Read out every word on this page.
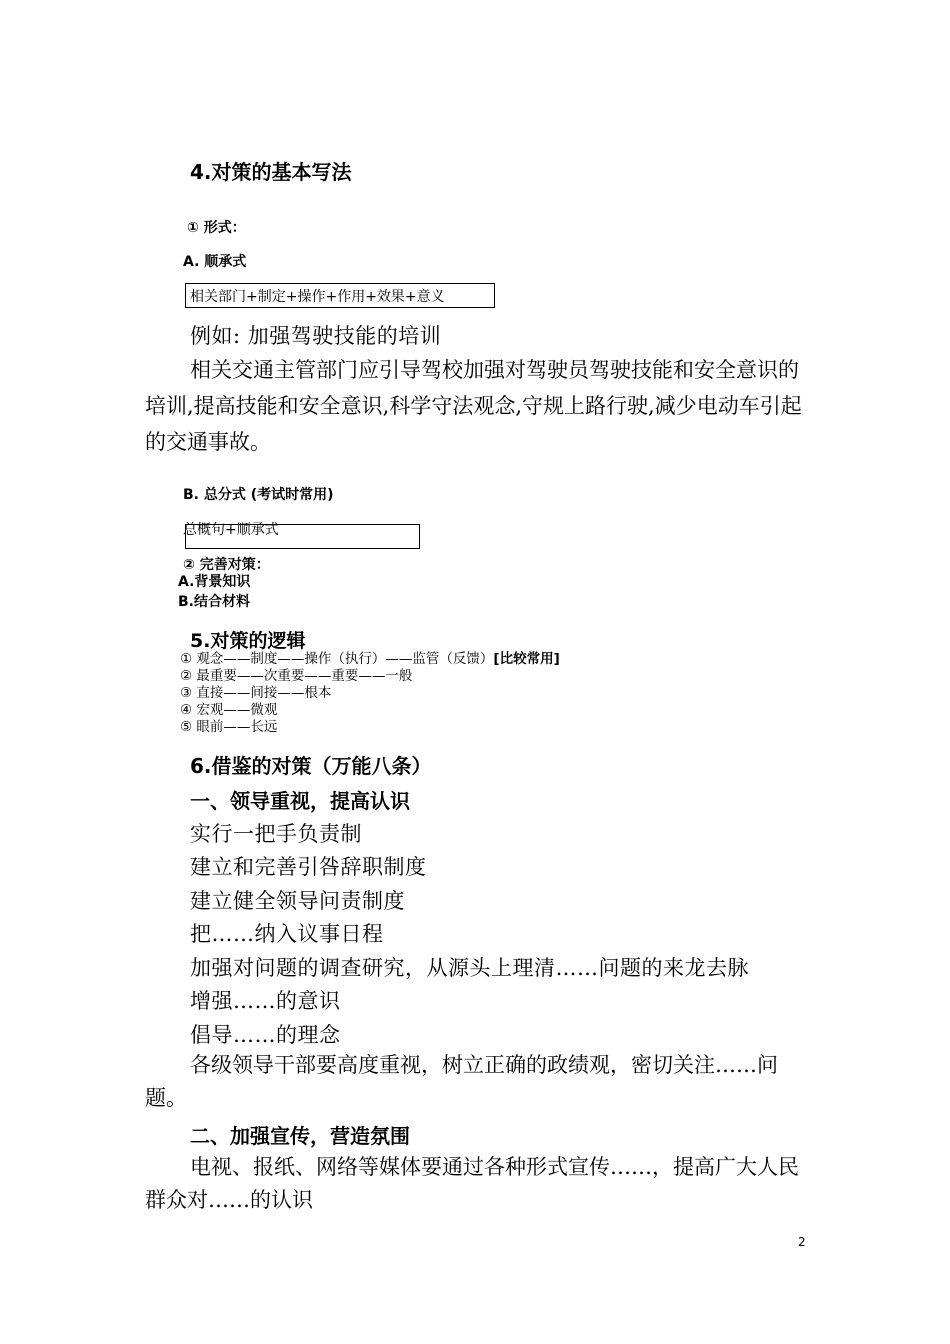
4.对策的基本写法
① 形式：
A. 顺承式
相关部门+制定+操作+作用+效果+意义
例如: 加强驾驶技能的培训
相关交通主管部门应引导驾校加强对驾驶员驾驶技能和安全意识的培训,提高技能和安全意识,科学守法观念,守规上路行驶,减少电动车引起的交通事故。
B. 总分式 (考试时常用)
总概句+顺承式
② 完善对策：
A.背景知识
B.结合材料
5.对策的逻辑
① 观念——制度——操作（执行）——监管（反馈）[比较常用]
② 最重要——次重要——重要——一般
③ 直接——间接——根本
④ 宏观——微观
⑤ 眼前——长远
6.借鉴的对策（万能八条）
一、领导重视，提高认识
实行一把手负责制
建立和完善引咎辞职制度
建立健全领导问责制度
把……纳入议事日程
加强对问题的调查研究，从源头上理清……问题的来龙去脉
增强……的意识
倡导……的理念
各级领导干部要高度重视，树立正确的政绩观，密切关注……问题。
二、加强宣传，营造氛围
电视、报纸、网络等媒体要通过各种形式宣传……，提高广大人民群众对……的认识
2
